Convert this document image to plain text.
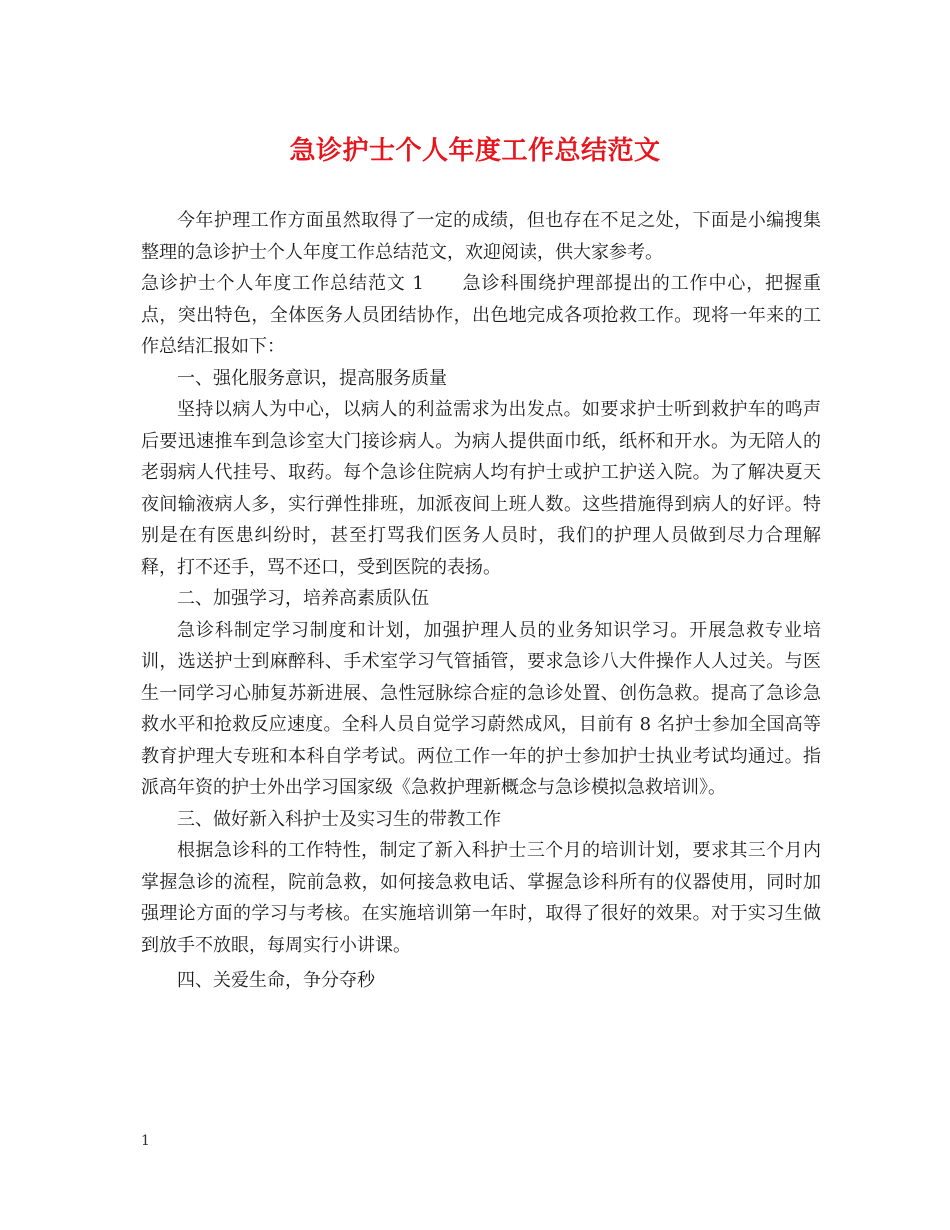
急诊护士个人年度工作总结范文

今年护理工作方面虽然取得了一定的成绩，但也存在不足之处，下面是小编搜集整理的急诊护士个人年度工作总结范文，欢迎阅读，供大家参考。

急诊护士个人年度工作总结范文 1　　急诊科围绕护理部提出的工作中心，把握重点，突出特色，全体医务人员团结协作，出色地完成各项抢救工作。现将一年来的工作总结汇报如下：

一、强化服务意识，提高服务质量

坚持以病人为中心，以病人的利益需求为出发点。如要求护士听到救护车的鸣声后要迅速推车到急诊室大门接诊病人。为病人提供面巾纸，纸杯和开水。为无陪人的老弱病人代挂号、取药。每个急诊住院病人均有护士或护工护送入院。为了解决夏天夜间输液病人多，实行弹性排班，加派夜间上班人数。这些措施得到病人的好评。特别是在有医患纠纷时，甚至打骂我们医务人员时，我们的护理人员做到尽力合理解释，打不还手，骂不还口，受到医院的表扬。

二、加强学习，培养高素质队伍

急诊科制定学习制度和计划，加强护理人员的业务知识学习。开展急救专业培训，选送护士到麻醉科、手术室学习气管插管，要求急诊八大件操作人人过关。与医生一同学习心肺复苏新进展、急性冠脉综合症的急诊处置、创伤急救。提高了急诊急救水平和抢救反应速度。全科人员自觉学习蔚然成风，目前有 8 名护士参加全国高等教育护理大专班和本科自学考试。两位工作一年的护士参加护士执业考试均通过。指派高年资的护士外出学习国家级《急救护理新概念与急诊模拟急救培训》。

三、做好新入科护士及实习生的带教工作

根据急诊科的工作特性，制定了新入科护士三个月的培训计划，要求其三个月内掌握急诊的流程，院前急救，如何接急救电话、掌握急诊科所有的仪器使用，同时加强理论方面的学习与考核。在实施培训第一年时，取得了很好的效果。对于实习生做到放手不放眼，每周实行小讲课。

四、关爱生命，争分夺秒

1
